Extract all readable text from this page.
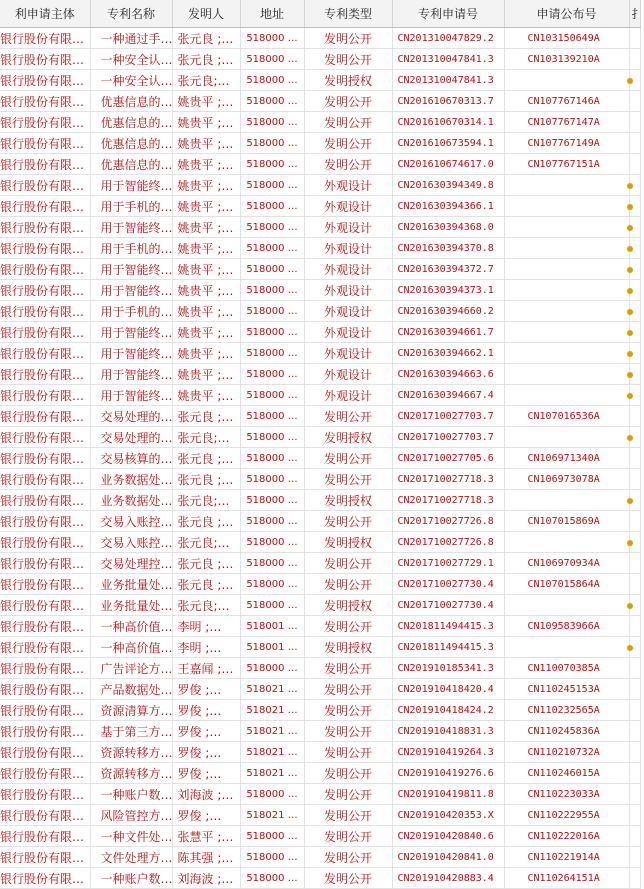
利申请主体	专利名称	发明人	地址	专利类型	专利申请号	申请公布号	扌
银行股份有限…	一种通过手…	张元良 ;…	518000 …	发明公开	CN201310047829.2	CN103150649A	
银行股份有限…	一种安全认…	张元良 ;…	518000 …	发明公开	CN201310047841.3	CN103139210A	
银行股份有限…	一种安全认…	张元良;…	518000 …	发明授权	CN201310047841.3		
银行股份有限…	优惠信息的…	姚贵平 ;…	518000 …	发明公开	CN201610670313.7	CN107767146A	
银行股份有限…	优惠信息的…	姚贵平 ;…	518000 …	发明公开	CN201610670314.1	CN107767147A	
银行股份有限…	优惠信息的…	姚贵平 ;…	518000 …	发明公开	CN201610673594.1	CN107767149A	
银行股份有限…	优惠信息的…	姚贵平 ;…	518000 …	发明公开	CN201610674617.0	CN107767151A	
银行股份有限…	用于智能终…	姚贵平 ;…	518000 …	外观设计	CN201630394349.8		
银行股份有限…	用于手机的…	姚贵平 ;…	518000 …	外观设计	CN201630394366.1		
银行股份有限…	用于智能终…	姚贵平 ;…	518000 …	外观设计	CN201630394368.0		
银行股份有限…	用于手机的…	姚贵平 ;…	518000 …	外观设计	CN201630394370.8		
银行股份有限…	用于智能终…	姚贵平 ;…	518000 …	外观设计	CN201630394372.7		
银行股份有限…	用于智能终…	姚贵平 ;…	518000 …	外观设计	CN201630394373.1		
银行股份有限…	用于手机的…	姚贵平 ;…	518000 …	外观设计	CN201630394660.2		
银行股份有限…	用于智能终…	姚贵平 ;…	518000 …	外观设计	CN201630394661.7		
银行股份有限…	用于智能终…	姚贵平 ;…	518000 …	外观设计	CN201630394662.1		
银行股份有限…	用于智能终…	姚贵平 ;…	518000 …	外观设计	CN201630394663.6		
银行股份有限…	用于智能终…	姚贵平 ;…	518000 …	外观设计	CN201630394667.4		
银行股份有限…	交易处理的…	张元良 ;…	518000 …	发明公开	CN201710027703.7	CN107016536A	
银行股份有限…	交易处理的…	张元良;…	518000 …	发明授权	CN201710027703.7		
银行股份有限…	交易核算的…	张元良 ;…	518000 …	发明公开	CN201710027705.6	CN106971340A	
银行股份有限…	业务数据处…	张元良 ;…	518000 …	发明公开	CN201710027718.3	CN106973078A	
银行股份有限…	业务数据处…	张元良;…	518000 …	发明授权	CN201710027718.3		
银行股份有限…	交易入账控…	张元良 ;…	518000 …	发明公开	CN201710027726.8	CN107015869A	
银行股份有限…	交易入账控…	张元良;…	518000 …	发明授权	CN201710027726.8		
银行股份有限…	交易处理控…	张元良 ;…	518000 …	发明公开	CN201710027729.1	CN106970934A	
银行股份有限…	业务批量处…	张元良 ;…	518000 …	发明公开	CN201710027730.4	CN107015864A	
银行股份有限…	业务批量处…	张元良;…	518000 …	发明授权	CN201710027730.4		
银行股份有限…	一种高价值…	李明 ;…	518001 …	发明公开	CN201811494415.3	CN109583966A	
银行股份有限…	一种高价值…	李明 ;…	518001 …	发明授权	CN201811494415.3		
银行股份有限…	广告评论方…	王嘉闻 ;…	518000 …	发明公开	CN201910185341.3	CN110070385A	
银行股份有限…	产品数据处…	罗俊 ;…	518021 …	发明公开	CN201910418420.4	CN110245153A	
银行股份有限…	资源清算方…	罗俊 ;…	518021 …	发明公开	CN201910418424.2	CN110232565A	
银行股份有限…	基于第三方…	罗俊 ;…	518021 …	发明公开	CN201910418831.3	CN110245836A	
银行股份有限…	资源转移方…	罗俊 ;…	518021 …	发明公开	CN201910419264.3	CN110210732A	
银行股份有限…	资源转移方…	罗俊 ;…	518021 …	发明公开	CN201910419276.6	CN110246015A	
银行股份有限…	一种账户数…	刘海波 ;…	518000 …	发明公开	CN201910419811.8	CN110223033A	
银行股份有限…	风险管控方…	罗俊 ;…	518021 …	发明公开	CN201910420353.X	CN110222955A	
银行股份有限…	一种文件处…	张慧平 ;…	518000 …	发明公开	CN201910420840.6	CN110222016A	
银行股份有限…	文件处理方…	陈其强 ;…	518000 …	发明公开	CN201910420841.0	CN110221914A	
银行股份有限…	一种账户数…	刘海波 ;…	518000 …	发明公开	CN201910420883.4	CN110264151A	
